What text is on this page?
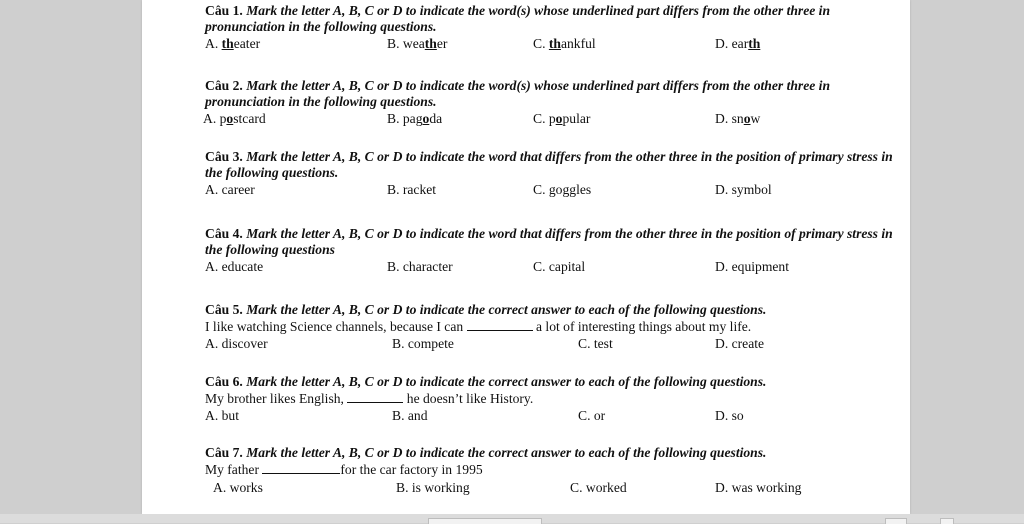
Câu 1. Mark the letter A, B, C or D to indicate the word(s) whose underlined part differs from the other three in pronunciation in the following questions.
A. theater	B. weather	C. thankful	D. earth
Câu 2. Mark the letter A, B, C or D to indicate the word(s) whose underlined part differs from the other three in pronunciation in the following questions.
A. postcard	B. pagoda	C. popular	D. snow
Câu 3. Mark the letter A, B, C or D to indicate the word that differs from the other three in the position of primary stress in the following questions.
A. career	B. racket	C. goggles	D. symbol
Câu 4. Mark the letter A, B, C or D to indicate the word that differs from the other three in the position of primary stress in the following questions
A. educate	B. character	C. capital	D. equipment
Câu 5. Mark the letter A, B, C or D to indicate the correct answer to each of the following questions.
I like watching Science channels, because I can	a lot of interesting things about my life.
A. discover	B. compete	C. test	D. create
Câu 6. Mark the letter A, B, C or D to indicate the correct answer to each of the following questions.
My brother likes English,	he doesn’t like History.
A. but	B. and	C. or	D. so
Câu 7. Mark the letter A, B, C or D to indicate the correct answer to each of the following questions.
My father	for the car factory in 1995
A. works	B. is working	C. worked	D. was working
